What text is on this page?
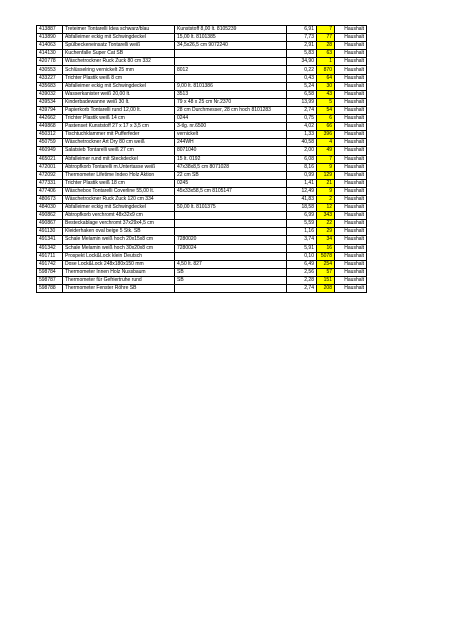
413887	Treteimer Tontarelli Idea schwarz/blau	Kunststoff 8,00 lt. 8105239	6,91	7	Haushalt
413890	Abfalleimer eckig mit Schwingdeckel	15,00 lt. 8101385	7,73	77	Haushalt
414063	Spülbeckeneinsatz Tontarelli weiß	34,5x26,5 cm 9072240	2,91	28	Haushalt
414130	Kuchenfalle Super Cat SB		5,83	63	Haushalt
420778	Wäschetrockner Ruck Zuck 80 cm 332		34,90	1	Haushalt
430553	Schlüsselring vernickelt 25 mm	8012	0,22	870	Haushalt
433227	Trichter Plastik weiß 8 cm		0,43	64	Haushalt
435683	Abfalleimer eckig mit Schwingdeckel	9,00 lt. 8101386	5,24	30	Haushalt
439032	Wasserkanister weiß 20,00 lt.	3513	6,58	43	Haushalt
439534	Kinderbadewanne weiß 30 lt.	79 x 48 x 25 cm Nr.2370	13,99	5	Haushalt
439794	Papierkorb Tontarelli rund 12,00 lt.	28 cm Durchmesser, 28 cm hoch 8101283	2,74	54	Haushalt
442662	Trichter Plastik weiß 14 cm	0244	0,75	6	Haushalt
449868	Pastenset Kunststoff 27 x 17 x 3,5 cm	3-tlg. nr.6500	4,02	66	Haushalt
450312	Tischtuchklammer mit Pufferfeder	vernickelt	1,33	396	Haushalt
450759	Wäschetrockner Art Dry 80 cm weiß	244WH	40,58	4	Haushalt
460949	Salatsieb Tontarelli weiß 27 cm	8071040	2,00	49	Haushalt
465021	Abfalleimer rund mit Steckdeckel	15 lt. 0192	6,08	7	Haushalt
472001	Abtropfkorb Tontarelli m.Untertasse weiß	47x38x8,5 cm 8071028	8,16	9	Haushalt
472092	Thermometer Lifetime Indeo Holz Aktion	22 cm SB	0,99	129	Haushalt
477331	Trichter Plastik weiß 18 cm	0245	1,41	21	Haushalt
477406	Wäschebox Tontarelli Coverline 55,00 lt.	45x33x58,5 cm 8105147	12,49	9	Haushalt
480673	Wäschetrockner Ruck Zuck 120 cm 334		41,83	2	Haushalt
484030	Abfalleimer eckig mit Schwingdeckel	50,00 lt. 8101375	18,58	12	Haushalt
490862	Abtropfkorb verchromt 48x32x9 cm		6,99	343	Haushalt
490867	Besteckablage verchromt 37x29x4,5 cm		5,59	22	Haushalt
491130	Kleiderhaken oval beige 5 Stk. SB		1,16	29	Haushalt
491341	Schale Melamin weiß hoch 20x15x8 cm	7280020	3,74	34	Haushalt
491342	Schale Melamin weiß hoch 30x20x8 cm	7280024	5,91	16	Haushalt
491711	Prospekt Lock&Lock klein Deutsch		0,10	5078	Haushalt
491742	Dose Lock&Lock 248x180x150 mm	4,50 lt. 827	6,49	254	Haushalt
598784	Thermometer Innen Holz Nussbaum	SB	2,56	57	Haushalt
598787	Thermometer für Gefriertruhe rund	SB	2,28	151	Haushalt
598788	Thermometer Fenster Röhre SB		2,74	208	Haushalt
